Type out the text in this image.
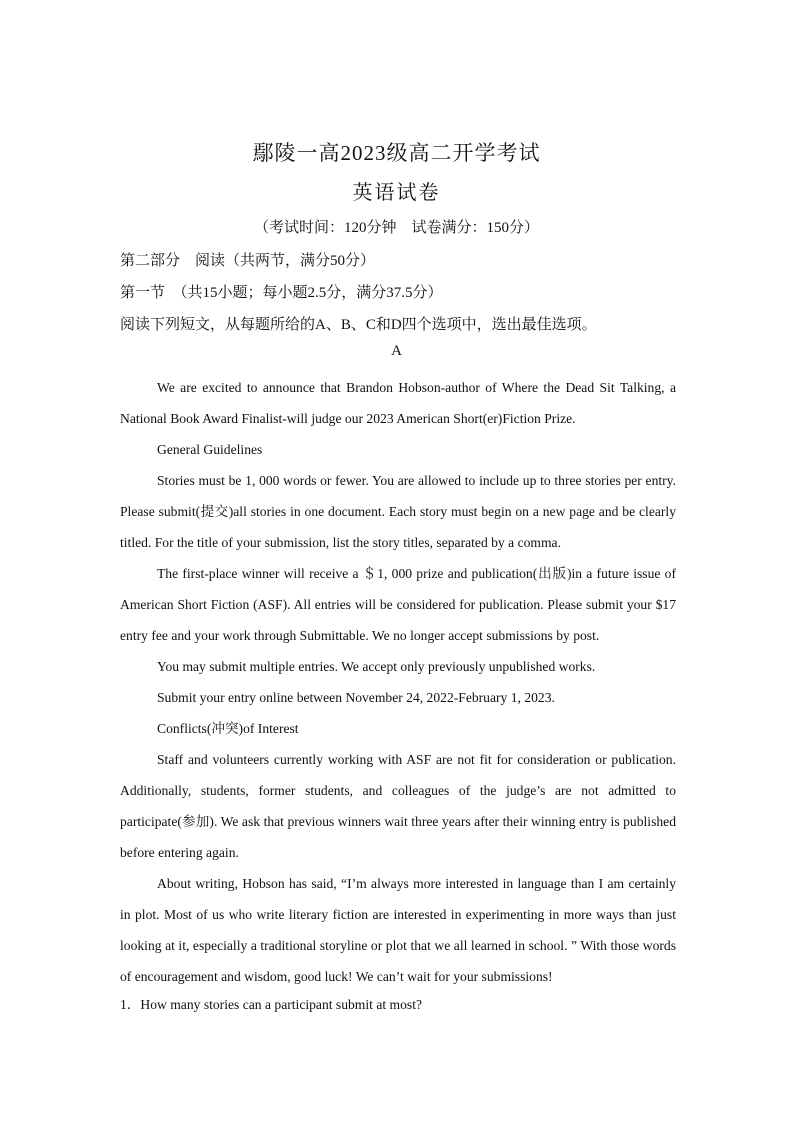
鄢陵一高2023级高二开学考试
英语试卷
（考试时间：120分钟　试卷满分：150分）
第二部分　阅读（共两节，满分50分）
第一节　（共15小题；每小题2.5分，满分37.5分）
阅读下列短文，从每题所给的A、B、C和D四个选项中，选出最佳选项。
A

We are excited to announce that Brandon Hobson-author of Where the Dead Sit Talking, a National Book Award Finalist-will judge our 2023 American Short(er)Fiction Prize.

General Guidelines

Stories must be 1, 000 words or fewer. You are allowed to include up to three stories per entry. Please submit(提交)all stories in one document. Each story must begin on a new page and be clearly titled. For the title of your submission, list the story titles, separated by a comma.

The first-place winner will receive a ＄1, 000 prize and publication(出版)in a future issue of American Short Fiction (ASF). All entries will be considered for publication. Please submit your $17 entry fee and your work through Submittable. We no longer accept submissions by post.

You may submit multiple entries. We accept only previously unpublished works.

Submit your entry online between November 24, 2022-February 1, 2023.

Conflicts(冲突)of Interest

Staff and volunteers currently working with ASF are not fit for consideration or publication. Additionally, students, former students, and colleagues of the judge’s are not admitted to participate(参加). We ask that previous winners wait three years after their winning entry is published before entering again.

About writing, Hobson has said, “I’m always more interested in language than I am certainly in plot. Most of us who write literary fiction are interested in experimenting in more ways than just looking at it, especially a traditional storyline or plot that we all learned in school. ” With those words of encouragement and wisdom, good luck! We can’t wait for your submissions!

1．How many stories can a participant submit at most?
